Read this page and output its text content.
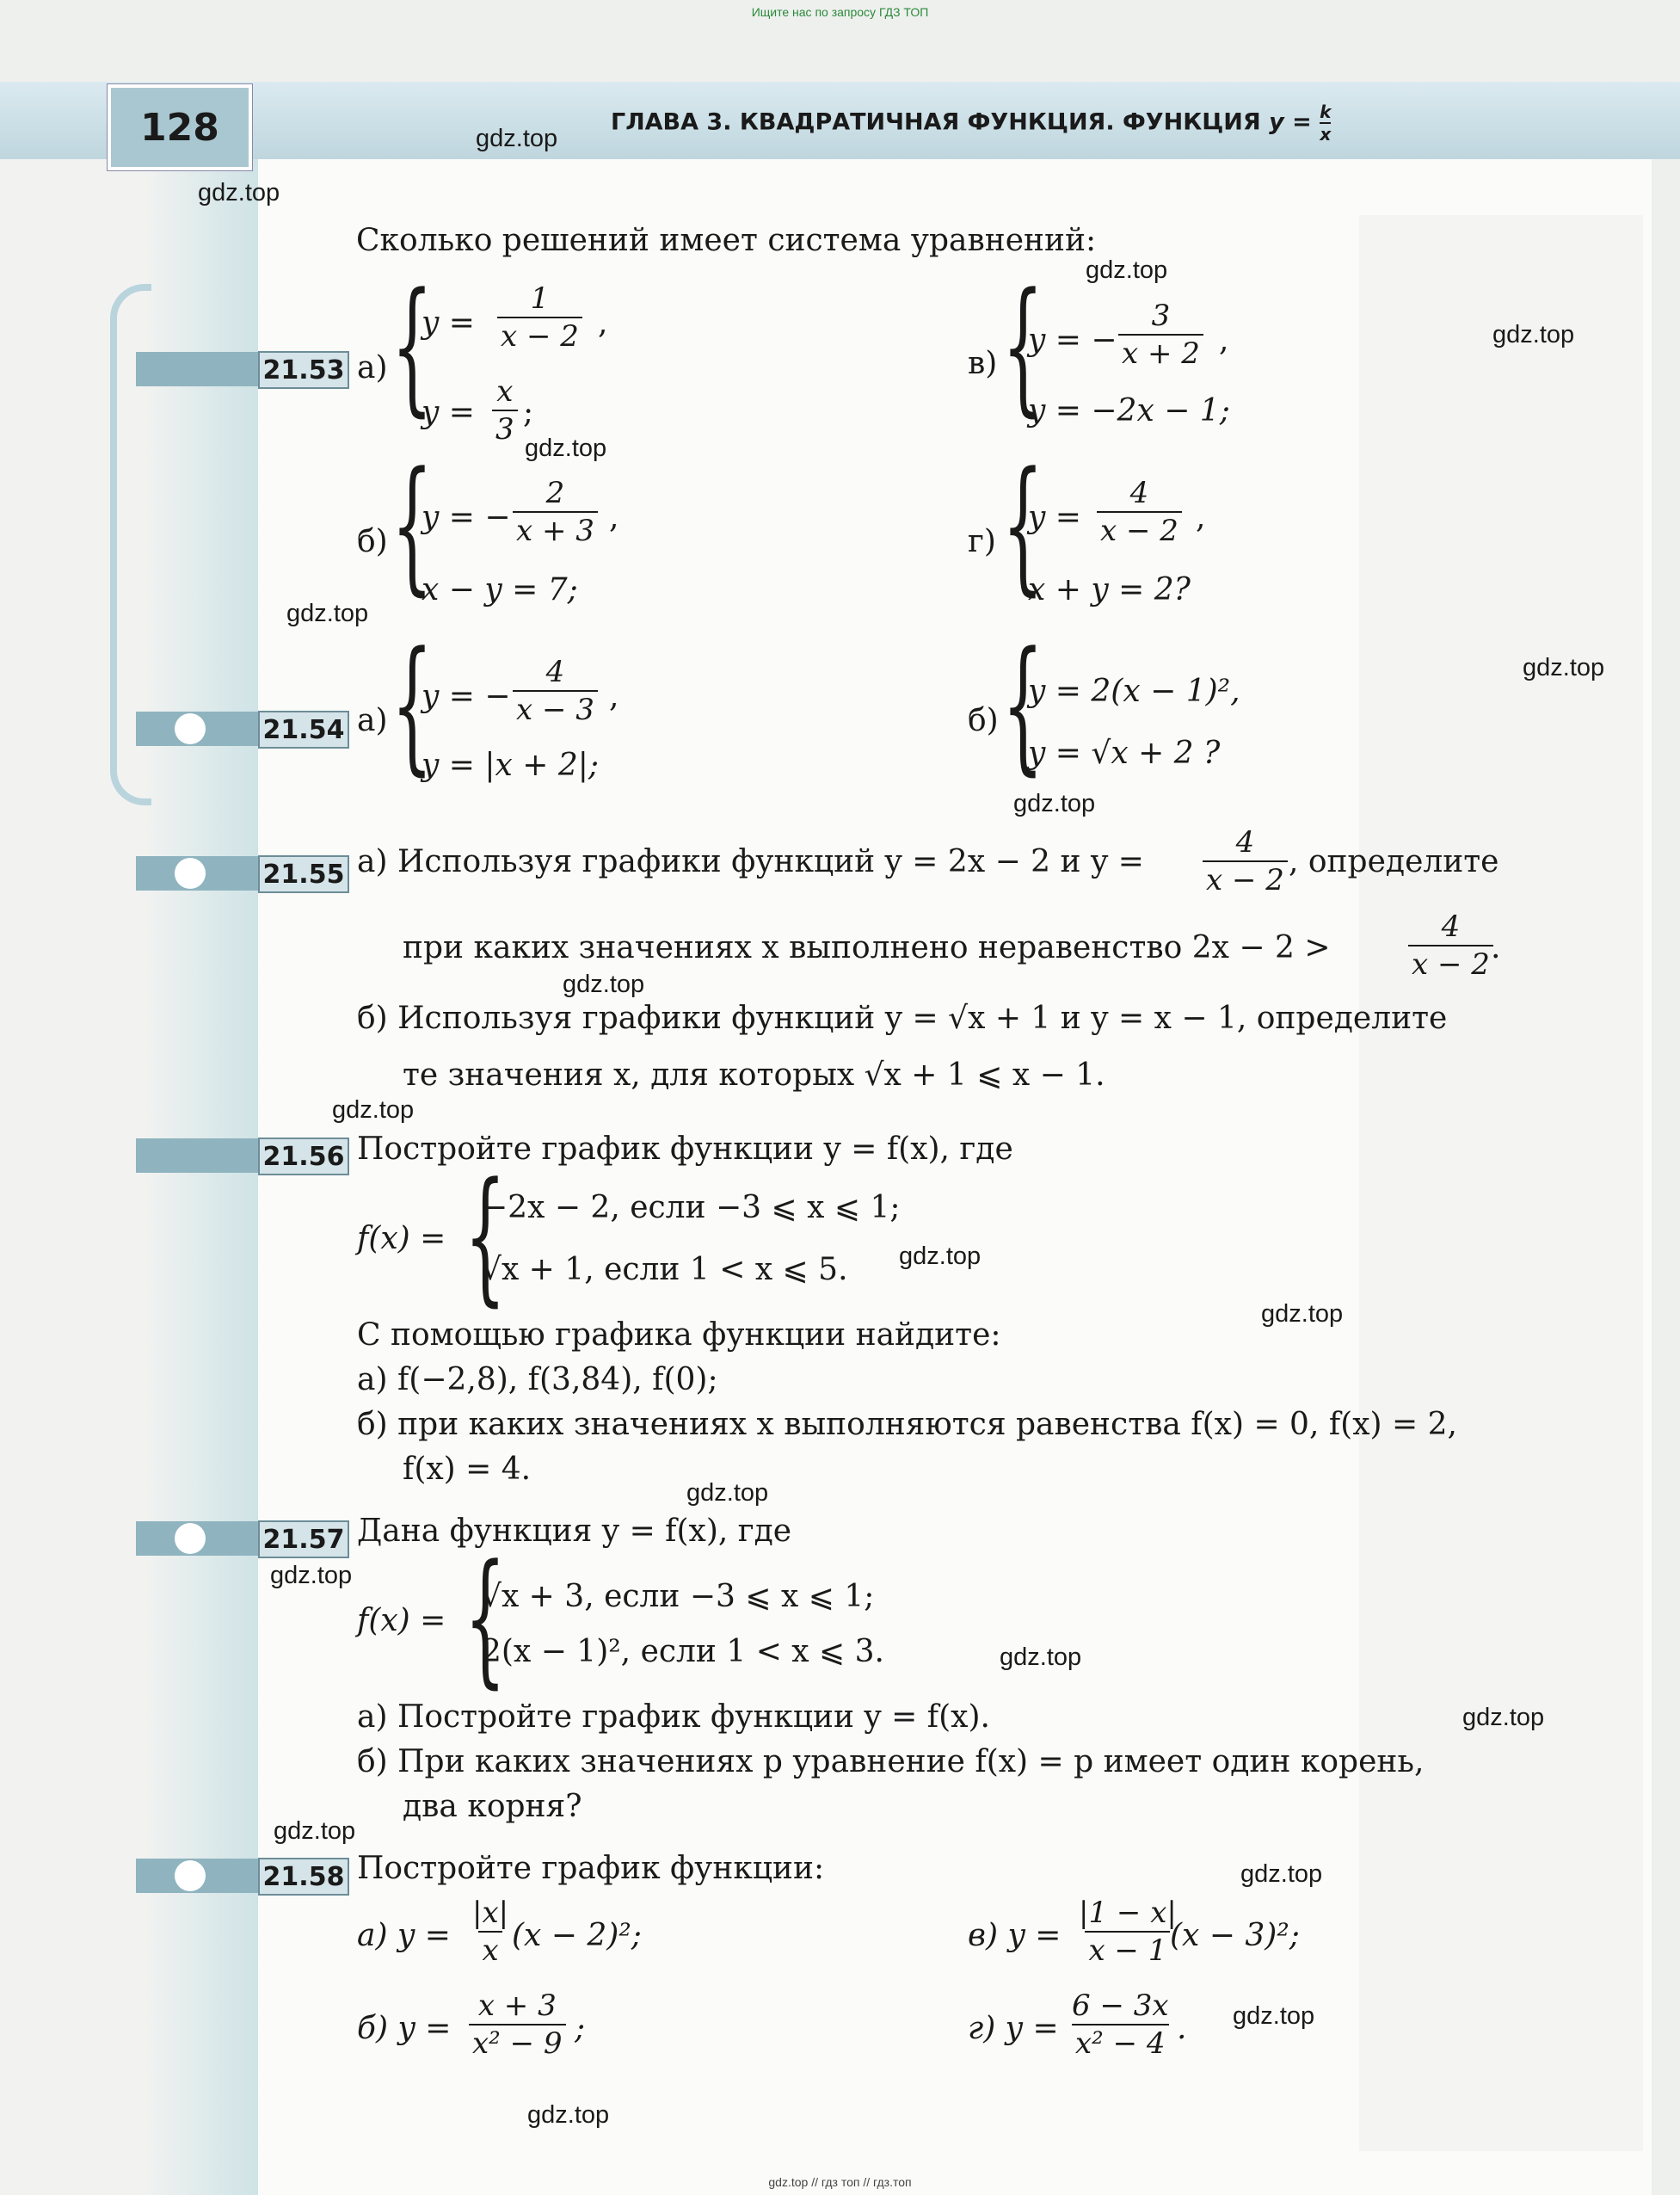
Ищите нас по запросу ГДЗ ТОП
128	ГЛАВА 3. КВАДРАТИЧНАЯ ФУНКЦИЯ. ФУНКЦИЯ $y = \frac{k}{x}$
gdz.top
gdz.top
gdz.top
gdz.top
gdz.top
gdz.top
gdz.top
gdz.top
gdz.top
gdz.top
gdz.top
gdz.top
gdz.top
gdz.top
gdz.top
gdz.top
gdz.top
gdz.top
gdz.top
gdz.top
Сколько решений имеет система уравнений:
21.53 а) {
$y = \frac{1}{x - 2}$ ,
$y = \frac{x}{3}$ ;
в) {
y = − $\frac{3}{x + 2}$ ,
y = −2x − 1;
б) {
y = − $\frac{2}{x + 3}$ ,
x − y = 7;
г) {
$y = \frac{4}{x - 2}$ ,
x + y = 2?
21.54 а) {
y = − $\frac{4}{x - 3}$ ,
y = |x + 2|;
б) {
y = 2(x − 1)²,
y = √x + 2 ?
21.55 а) Используя графики функций y = 2x − 2 и $y = \frac{4}{x - 2}$ , определите
при каких значениях x выполнено неравенство 2x − 2 >	$\frac{4}{x - 2}$
.
б) Используя графики функций y = √x + 1 и y = x − 1, определите
те значения x, для которых √x + 1 ⩽ x − 1.
21.56 Постройте график функции y = f(x), где
f(x) = {
−2x − 2, если −3 ⩽ x ⩽ 1;
√x + 1, если 1 < x ⩽ 5.
С помощью графика функции найдите:
а) f(−2,8), f(3,84), f(0);
б) при каких значениях x выполняются равенства f(x) = 0, f(x) = 2,
f(x) = 4.
21.57 Дана функция y = f(x), где
f(x) = {
√x + 3, если −3 ⩽ x ⩽ 1;
2(x − 1)², если 1 < x ⩽ 3.
а) Постройте график функции y = f(x).
б) При каких значениях p уравнение f(x) = p имеет один корень,
два корня?
21.58 Постройте график функции:
а) $y = \frac{|x|}{x} (x - 2)^2$;	в) $y = \frac{|1 - x|}{x - 1}$
(x − 3)²;
б) $y = \frac{x + 3}{\text{x² − 9}}$ ;	г) $y = \frac{6 - 3x}{\text{x² − 4}}$ .
gdz.top // гдз топ // гдз.топ
